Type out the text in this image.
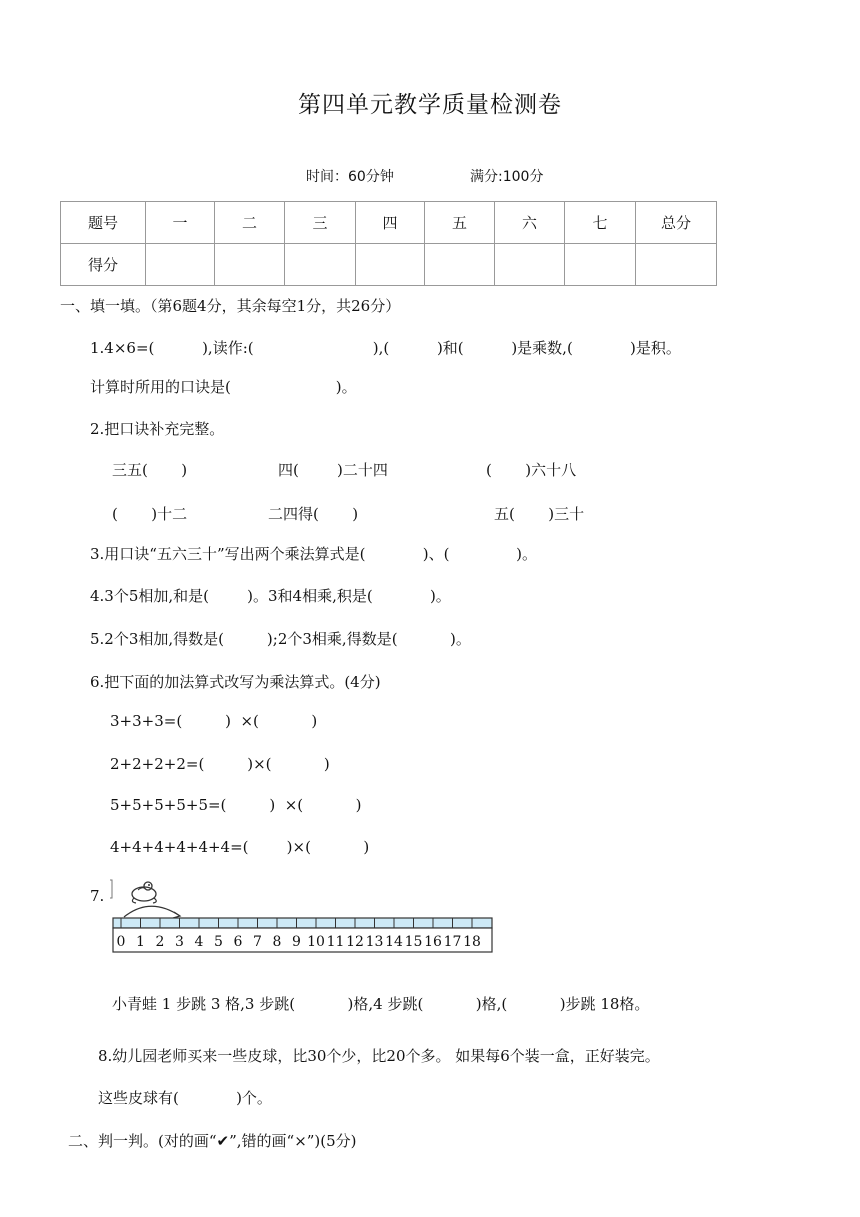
第四单元教学质量检测卷
时间：60分钟	满分:100分
题号	一	二	三	四	五	六	七	总分
得分								
一、填一填。（第6题4分，其余每空1分，共26分）
1.4×6=(          ),读作:(                         ),(          )和(          )是乘数,(            )是积。
计算时所用的口诀是(                      )。
2.把口诀补充完整。
三五(       )	四(        )二十四	(       )六十八
(       )十二	二四得(       )	五(       )三十
3.用口诀“五六三十”写出两个乘法算式是(            )、(              )。
4.3个5相加,和是(        )。3和4相乘,积是(            )。
5.2个3相加,得数是(         );2个3相乘,得数是(           )。
6.把下面的加法算式改写为乘法算式。(4分)
3+3+3=(         )  ×(           )
2+2+2+2=(         )×(           )
5+5+5+5+5=(         )  ×(           )
4+4+4+4+4+4=(        )×(           )
7.
0 1 2 3 4 5 6 7 8 9 10 11 12 13 14 15 16 17 18
小青蛙 1 步跳 3 格,3 步跳(           )格,4 步跳(           )格,(           )步跳 18格。
8.幼儿园老师买来一些皮球，比30个少，比20个多。 如果每6个装一盒，正好装完。
这些皮球有(            )个。
二、判一判。(对的画“✔”,错的画“×”)(5分)
